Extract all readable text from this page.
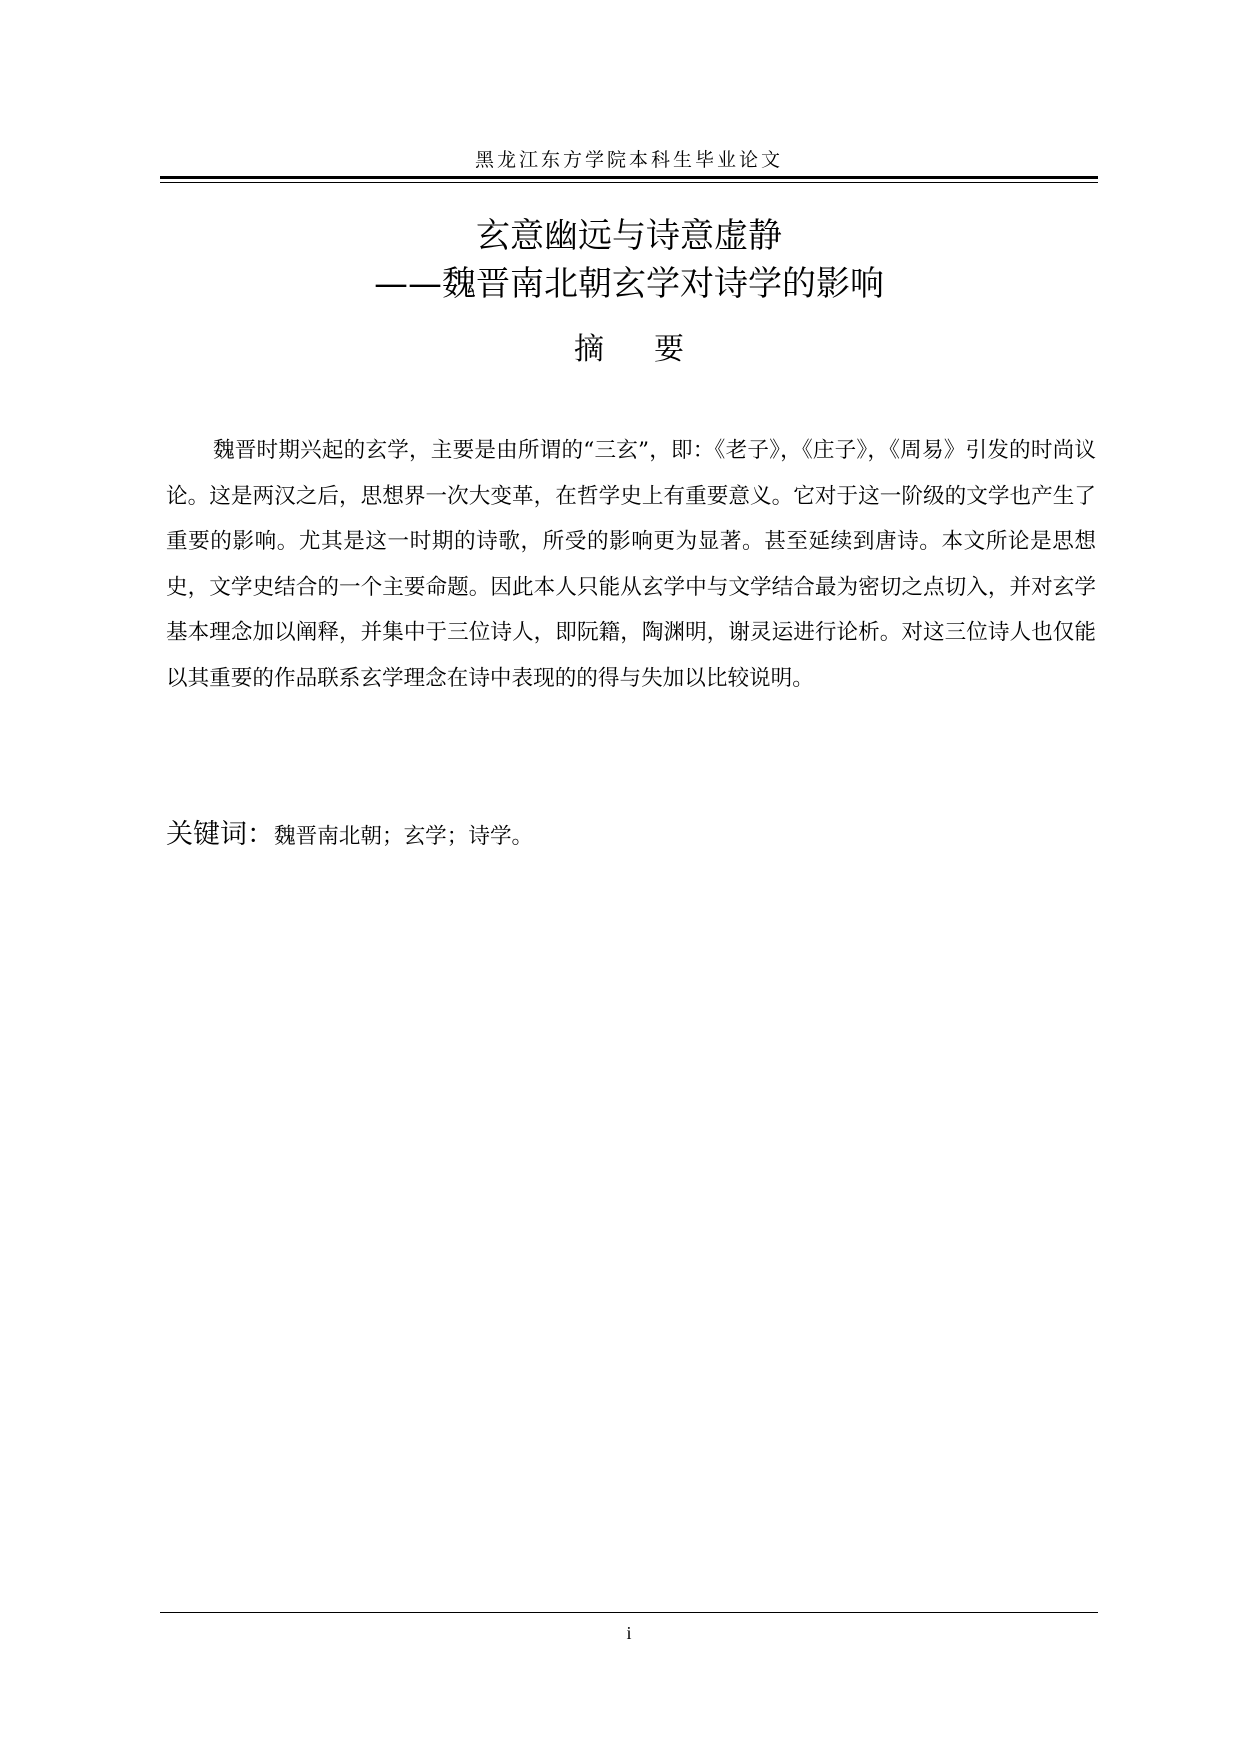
黑龙江东方学院本科生毕业论文
玄意幽远与诗意虚静
——魏晋南北朝玄学对诗学的影响
摘要

魏晋时期兴起的玄学，主要是由所谓的“三玄”，即：《老子》，《庄子》，《周易》引发的时尚议论。这是两汉之后，思想界一次大变革，在哲学史上有重要意义。它对于这一阶级的文学也产生了重要的影响。尤其是这一时期的诗歌，所受的影响更为显著。甚至延续到唐诗。本文所论是思想史，文学史结合的一个主要命题。因此本人只能从玄学中与文学结合最为密切之点切入，并对玄学基本理念加以阐释，并集中于三位诗人，即阮籍，陶渊明，谢灵运进行论析。对这三位诗人也仅能以其重要的作品联系玄学理念在诗中表现的的得与失加以比较说明。

关键词：魏晋南北朝；玄学；诗学。
i
